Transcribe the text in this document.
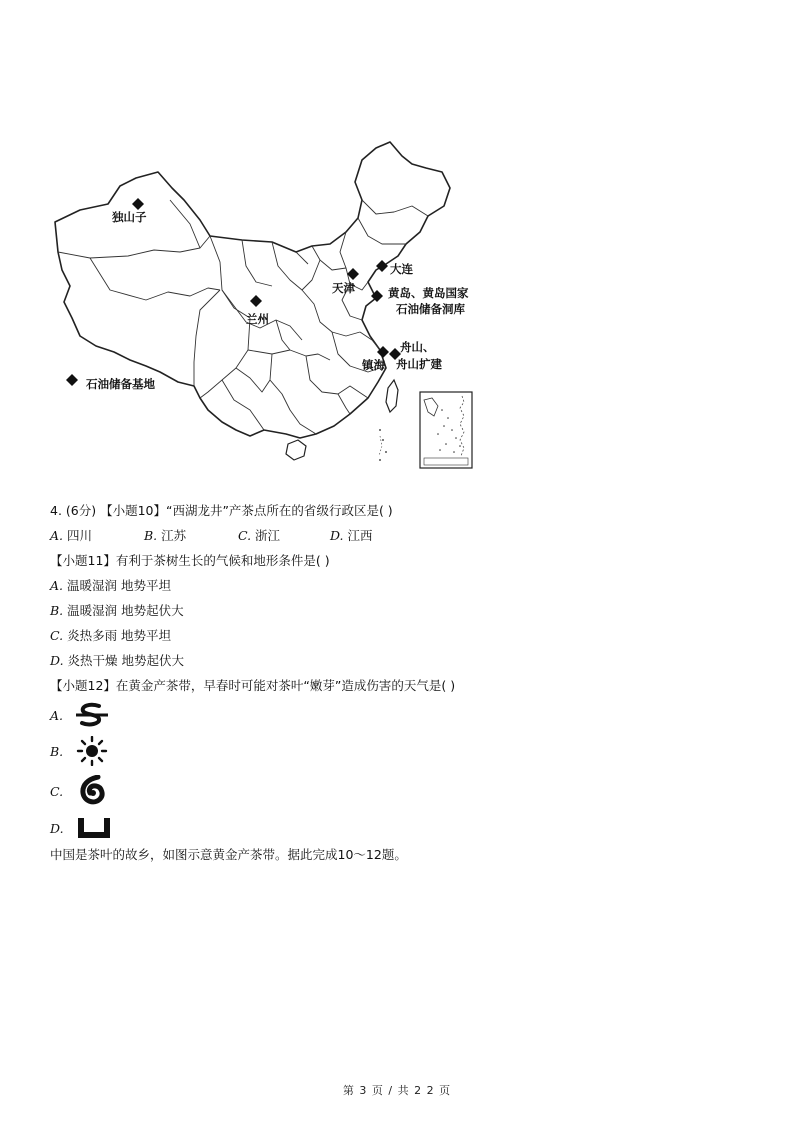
独山子
大连
天津	黄岛、黄岛国家
石油储备洞库
兰州
舟山、
舟山扩建
镇海
石油储备基地
4. (6分) 【小题10】“西湖龙井”产茶点所在的省级行政区是( )
A. 四川	B. 江苏	C. 浙江	D. 江西
【小题11】有利于茶树生长的气候和地形条件是( )
A. 温暖湿润 地势平坦
B. 温暖湿润 地势起伏大
C. 炎热多雨 地势平坦
D. 炎热干燥 地势起伏大
【小题12】在黄金产茶带，早春时可能对茶叶“嫩芽”造成伤害的天气是( )
A.
B.
C.
D.
中国是茶叶的故乡，如图示意黄金产茶带。据此完成10～12题。
第 3 页 / 共 2 2 页
